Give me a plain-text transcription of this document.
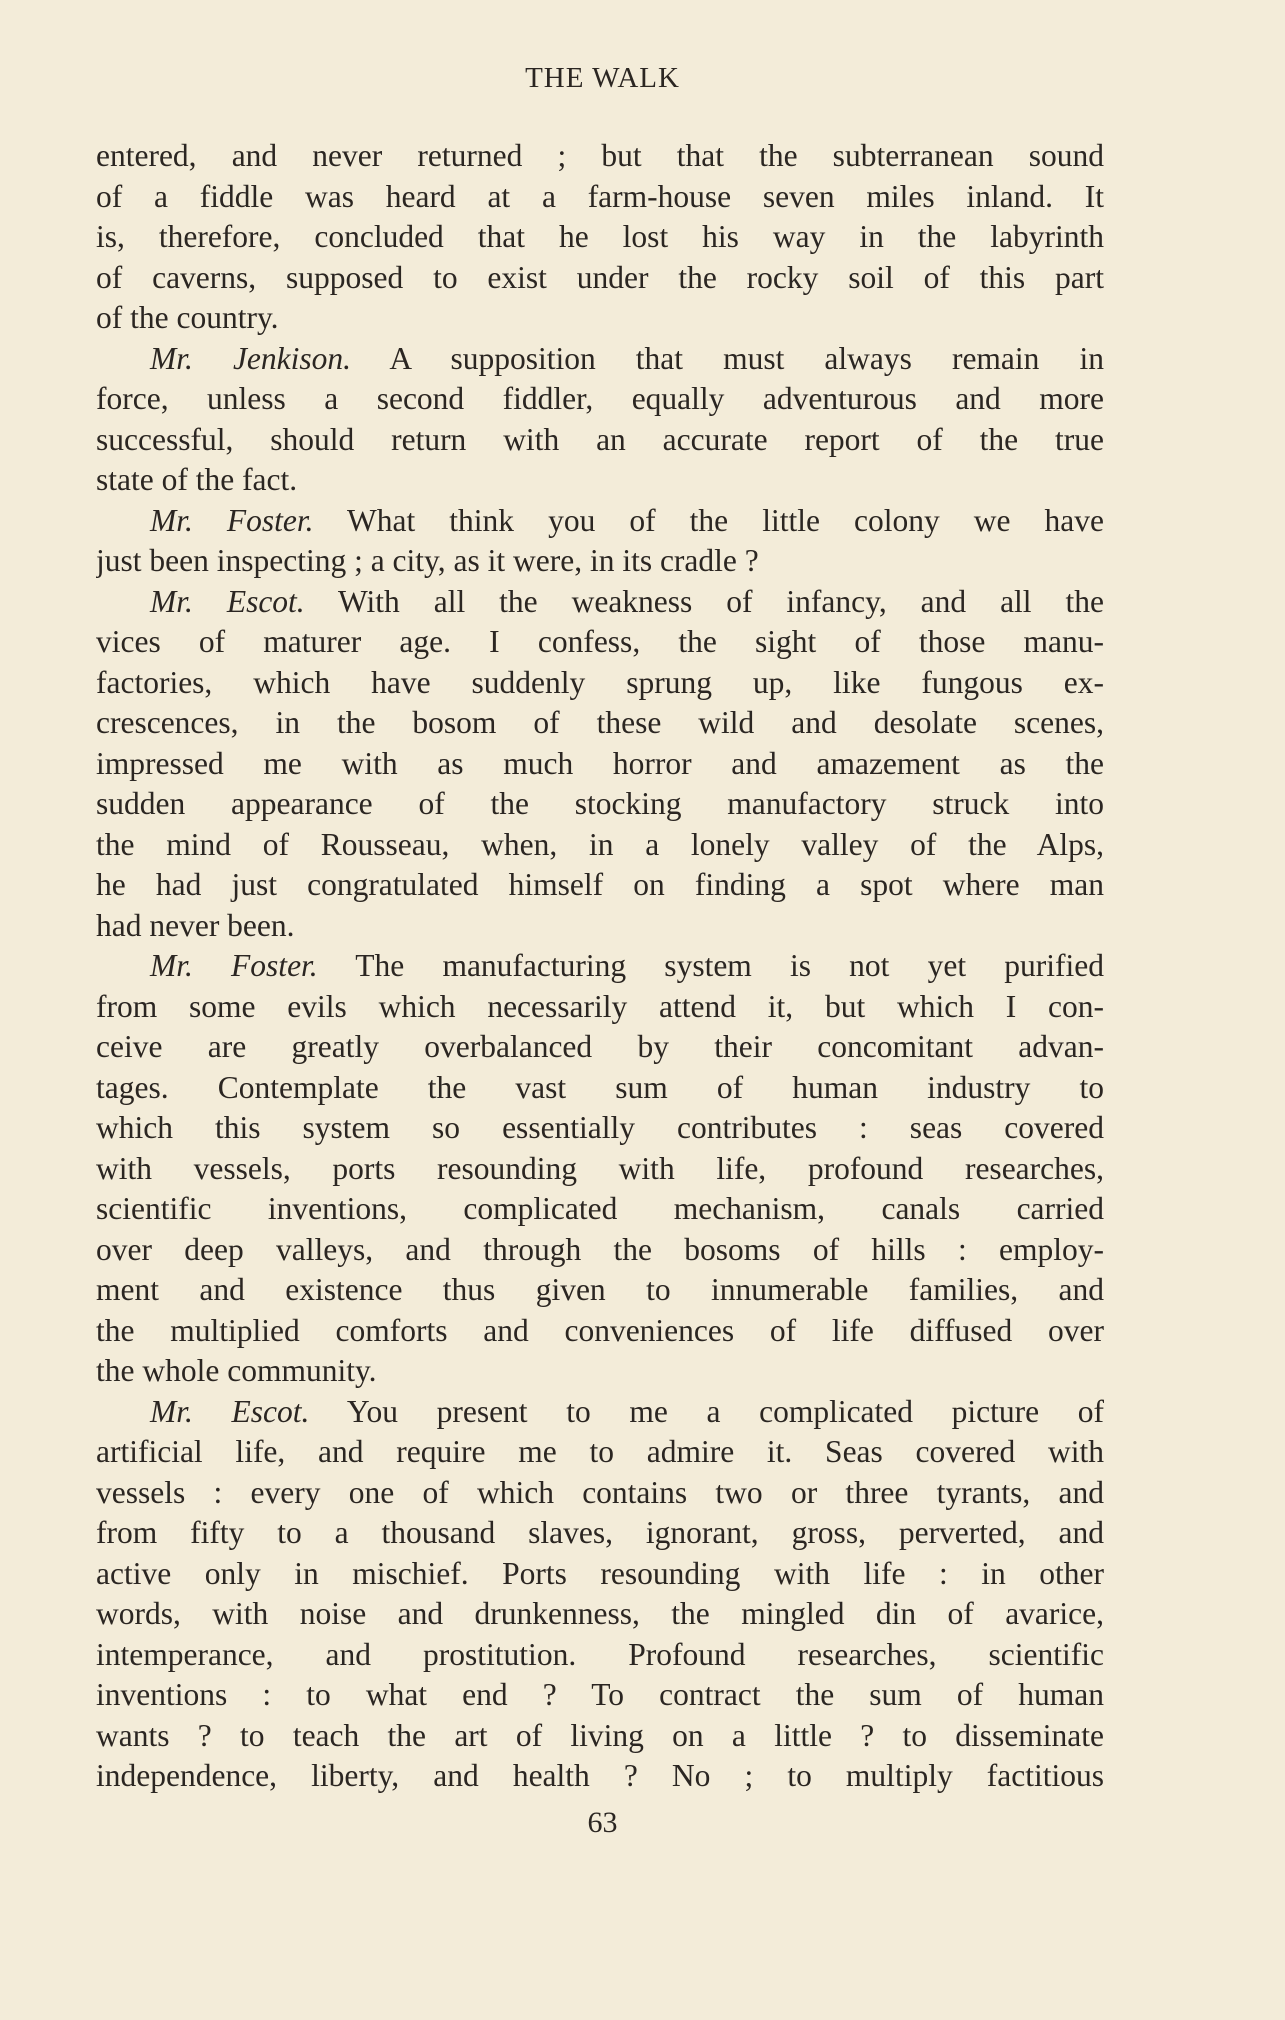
THE WALK
entered, and never returned ; but that the subterranean sound
of a fiddle was heard at a farm-house seven miles inland. It
is, therefore, concluded that he lost his way in the labyrinth
of caverns, supposed to exist under the rocky soil of this part
of the country.
Mr. Jenkison. A supposition that must always remain in
force, unless a second fiddler, equally adventurous and more
successful, should return with an accurate report of the true
state of the fact.
Mr. Foster. What think you of the little colony we have
just been inspecting ; a city, as it were, in its cradle ?
Mr. Escot. With all the weakness of infancy, and all the
vices of maturer age. I confess, the sight of those manu-
factories, which have suddenly sprung up, like fungous ex-
crescences, in the bosom of these wild and desolate scenes,
impressed me with as much horror and amazement as the
sudden appearance of the stocking manufactory struck into
the mind of Rousseau, when, in a lonely valley of the Alps,
he had just congratulated himself on finding a spot where man
had never been.
Mr. Foster. The manufacturing system is not yet purified
from some evils which necessarily attend it, but which I con-
ceive are greatly overbalanced by their concomitant advan-
tages. Contemplate the vast sum of human industry to
which this system so essentially contributes : seas covered
with vessels, ports resounding with life, profound researches,
scientific inventions, complicated mechanism, canals carried
over deep valleys, and through the bosoms of hills : employ-
ment and existence thus given to innumerable families, and
the multiplied comforts and conveniences of life diffused over
the whole community.
Mr. Escot. You present to me a complicated picture of
artificial life, and require me to admire it. Seas covered with
vessels : every one of which contains two or three tyrants, and
from fifty to a thousand slaves, ignorant, gross, perverted, and
active only in mischief. Ports resounding with life : in other
words, with noise and drunkenness, the mingled din of avarice,
intemperance, and prostitution. Profound researches, scientific
inventions : to what end ? To contract the sum of human
wants ? to teach the art of living on a little ? to disseminate
independence, liberty, and health ? No ; to multiply factitious
63
